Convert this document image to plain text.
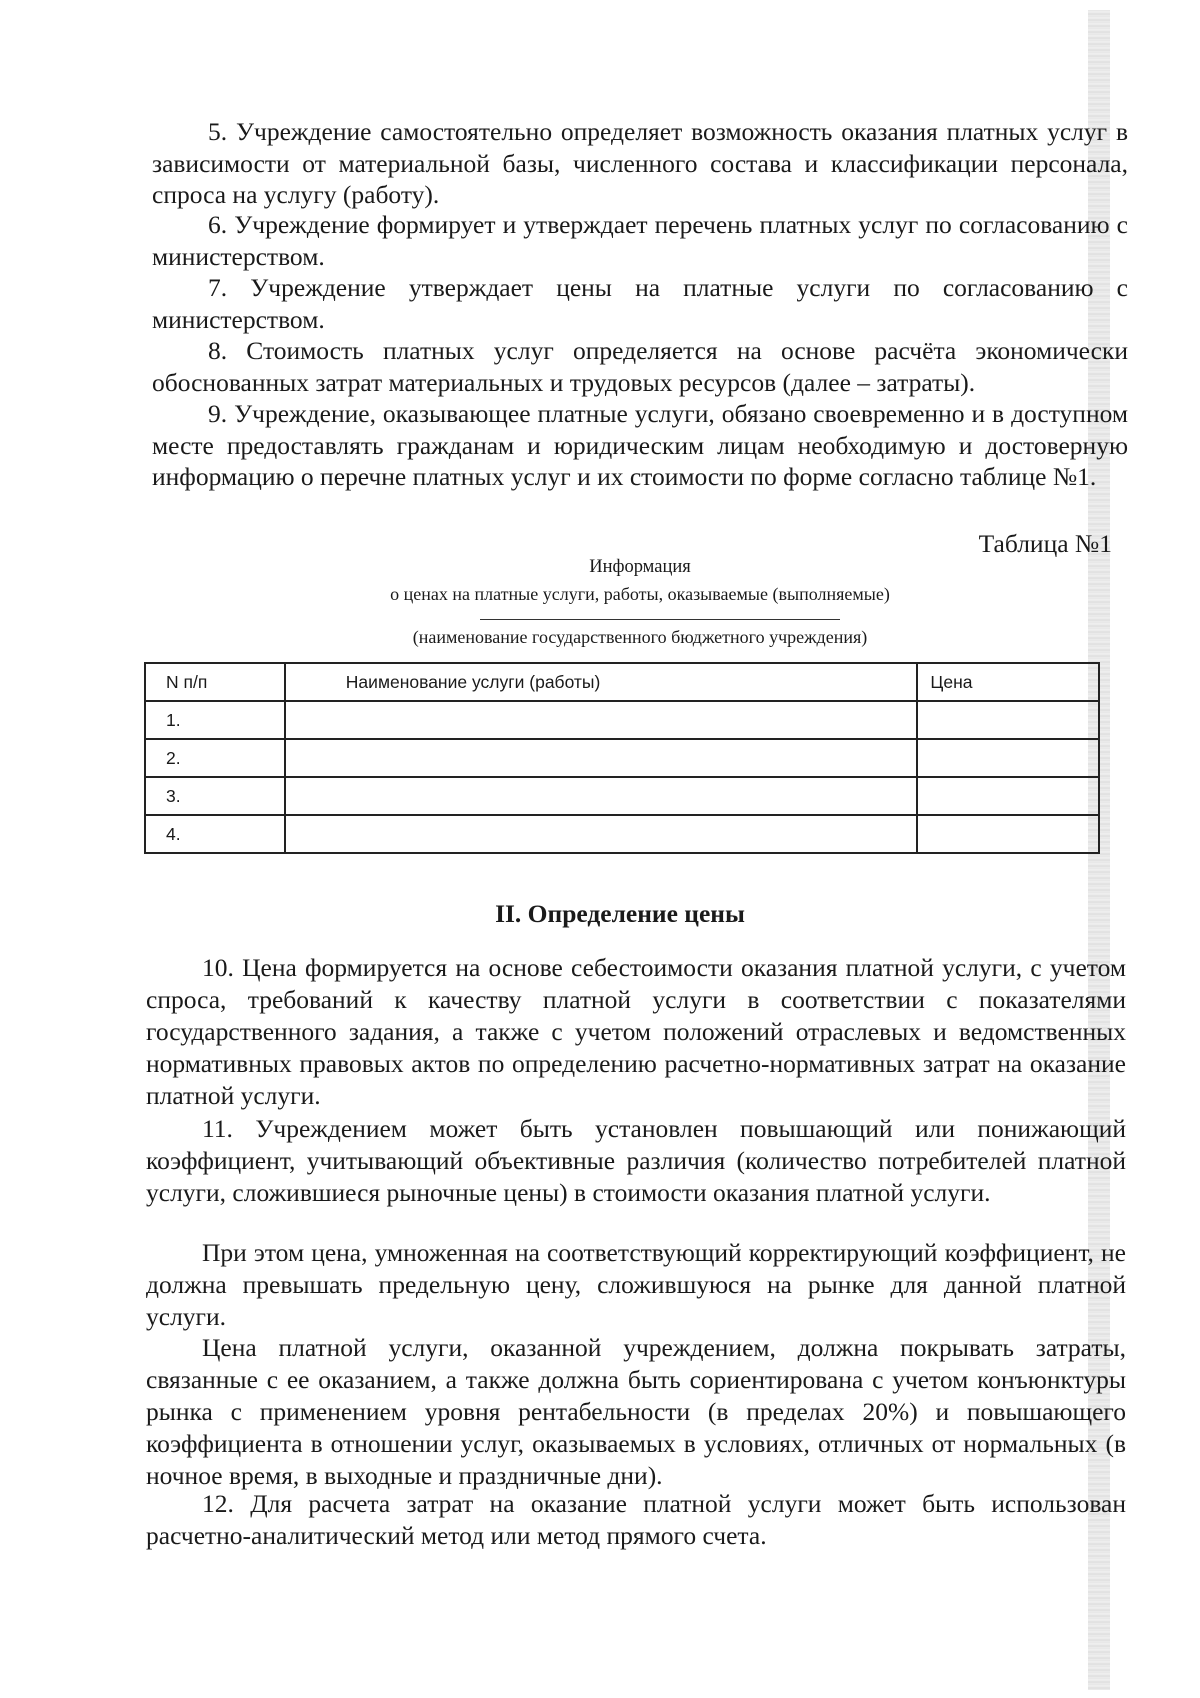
5. Учреждение самостоятельно определяет возможность оказания платных услуг в зависимости от материальной базы, численного состава и классификации персонала, спроса на услугу (работу).

6. Учреждение формирует и утверждает перечень платных услуг по согласованию с министерством.

7. Учреждение утверждает цены на платные услуги по согласованию с министерством.

8. Стоимость платных услуг определяется на основе расчёта экономически обоснованных затрат материальных и трудовых ресурсов (далее – затраты).

9. Учреждение, оказывающее платные услуги, обязано своевременно и в доступном месте предоставлять гражданам и юридическим лицам необходимую и достоверную информацию о перечне платных услуг и их стоимости по форме согласно таблице №1.

Таблица №1
Информация
о ценах на платные услуги, работы, оказываемые (выполняемые)
(наименование государственного бюджетного учреждения)
N п/п	Наименование услуги (работы)	Цена
1.		
2.		
3.		
4.		
II. Определение цены

10. Цена формируется на основе себестоимости оказания платной услуги, с учетом спроса, требований к качеству платной услуги в соответствии с показателями государственного задания, а также с учетом положений отраслевых и ведомственных нормативных правовых актов по определению расчетно-нормативных затрат на оказание платной услуги.

11. Учреждением может быть установлен повышающий или понижающий коэффициент, учитывающий объективные различия (количество потребителей платной услуги, сложившиеся рыночные цены) в стоимости оказания платной услуги.

При этом цена, умноженная на соответствующий корректирующий коэффициент, не должна превышать предельную цену, сложившуюся на рынке для данной платной услуги.

Цена платной услуги, оказанной учреждением, должна покрывать затраты, связанные с ее оказанием, а также должна быть сориентирована с учетом конъюнктуры рынка с применением уровня рентабельности (в пределах 20%) и повышающего коэффициента в отношении услуг, оказываемых в условиях, отличных от нормальных (в ночное время, в выходные и праздничные дни).

12. Для расчета затрат на оказание платной услуги может быть использован расчетно-аналитический метод или метод прямого счета.
